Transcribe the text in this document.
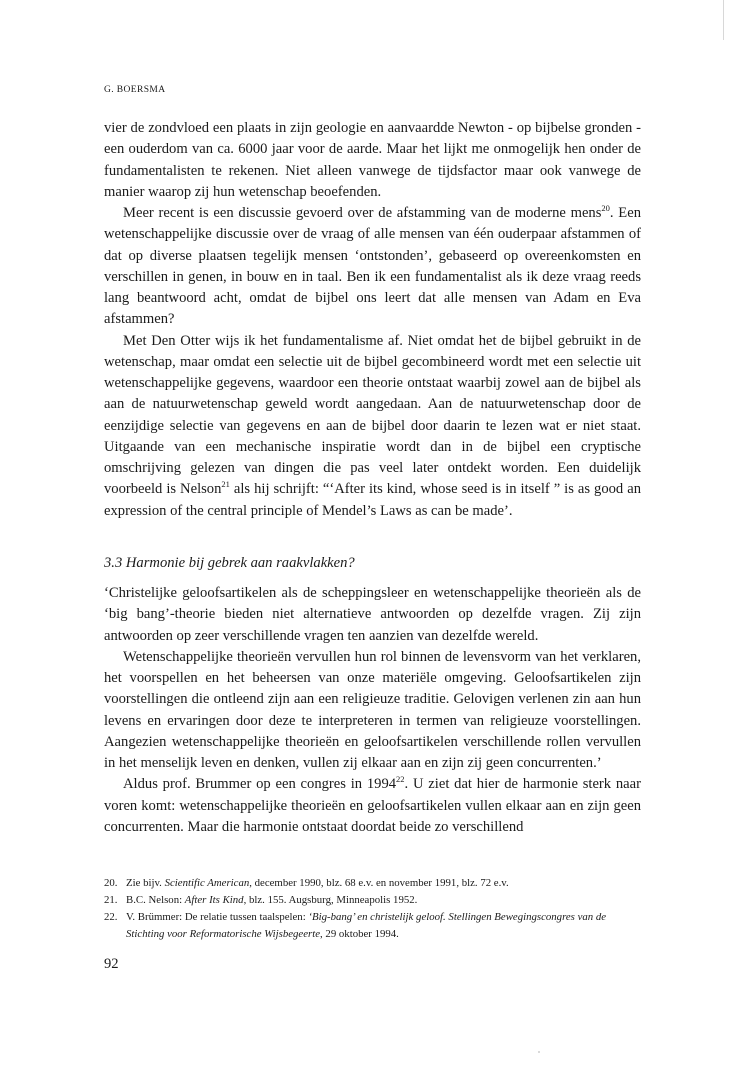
G. BOERSMA

vier de zondvloed een plaats in zijn geologie en aanvaardde Newton - op bijbelse gronden - een ouderdom van ca. 6000 jaar voor de aarde. Maar het lijkt me onmogelijk hen onder de fundamentalisten te rekenen. Niet alleen vanwege de tijdsfactor maar ook vanwege de manier waarop zij hun wetenschap beoefenden.

Meer recent is een discussie gevoerd over de afstamming van de moderne mens$^{20}$. Een wetenschappelijke discussie over de vraag of alle mensen van één ouderpaar afstammen of dat op diverse plaatsen tegelijk mensen ‘ontstonden’, gebaseerd op overeenkomsten en verschillen in genen, in bouw en in taal. Ben ik een fundamentalist als ik deze vraag reeds lang beantwoord acht, omdat de bijbel ons leert dat alle mensen van Adam en Eva afstammen?

Met Den Otter wijs ik het fundamentalisme af. Niet omdat het de bijbel gebruikt in de wetenschap, maar omdat een selectie uit de bijbel gecombineerd wordt met een selectie uit wetenschappelijke gegevens, waardoor een theorie ontstaat waarbij zowel aan de bijbel als aan de natuurwetenschap geweld wordt aangedaan. Aan de natuurwetenschap door de eenzijdige selectie van gegevens en aan de bijbel door daarin te lezen wat er niet staat. Uitgaande van een mechanische inspiratie wordt dan in de bijbel een cryptische omschrijving gelezen van dingen die pas veel later ontdekt worden. Een duidelijk voorbeeld is Nelson$^{21}$ als hij schrijft: “‘After its kind, whose seed is in itself ” is as good an expression of the central principle of Mendel’s Laws as can be made’.

3.3 Harmonie bij gebrek aan raakvlakken?

‘Christelijke geloofsartikelen als de scheppingsleer en wetenschappelijke theorieën als de ‘big bang’-theorie bieden niet alternatieve antwoorden op dezelfde vragen. Zij zijn antwoorden op zeer verschillende vragen ten aanzien van dezelfde wereld.

Wetenschappelijke theorieën vervullen hun rol binnen de levensvorm van het verklaren, het voorspellen en het beheersen van onze materiële omgeving. Geloofsartikelen zijn voorstellingen die ontleend zijn aan een religieuze traditie. Gelovigen verlenen zin aan hun levens en ervaringen door deze te interpreteren in termen van religieuze voorstellingen. Aangezien wetenschappelijke theorieën en geloofsartikelen verschillende rollen vervullen in het menselijk leven en denken, vullen zij elkaar aan en zijn zij geen concurrenten.’

Aldus prof. Brummer op een congres in 1994$^{22}$. U ziet dat hier de harmonie sterk naar voren komt: wetenschappelijke theorieën en geloofsartikelen vullen elkaar aan en zijn geen concurrenten. Maar die harmonie ontstaat doordat beide zo verschillend

20. Zie bijv. Scientific American, december 1990, blz. 68 e.v. en november 1991, blz. 72 e.v.
21. B.C. Nelson: After Its Kind, blz. 155. Augsburg, Minneapolis 1952.
22. V. Brümmer: De relatie tussen taalspelen: ‘Big-bang’ en christelijk geloof. Stellingen Bewegingscongres van de Stichting voor Reformatorische Wijsbegeerte, 29 oktober 1994.
92
